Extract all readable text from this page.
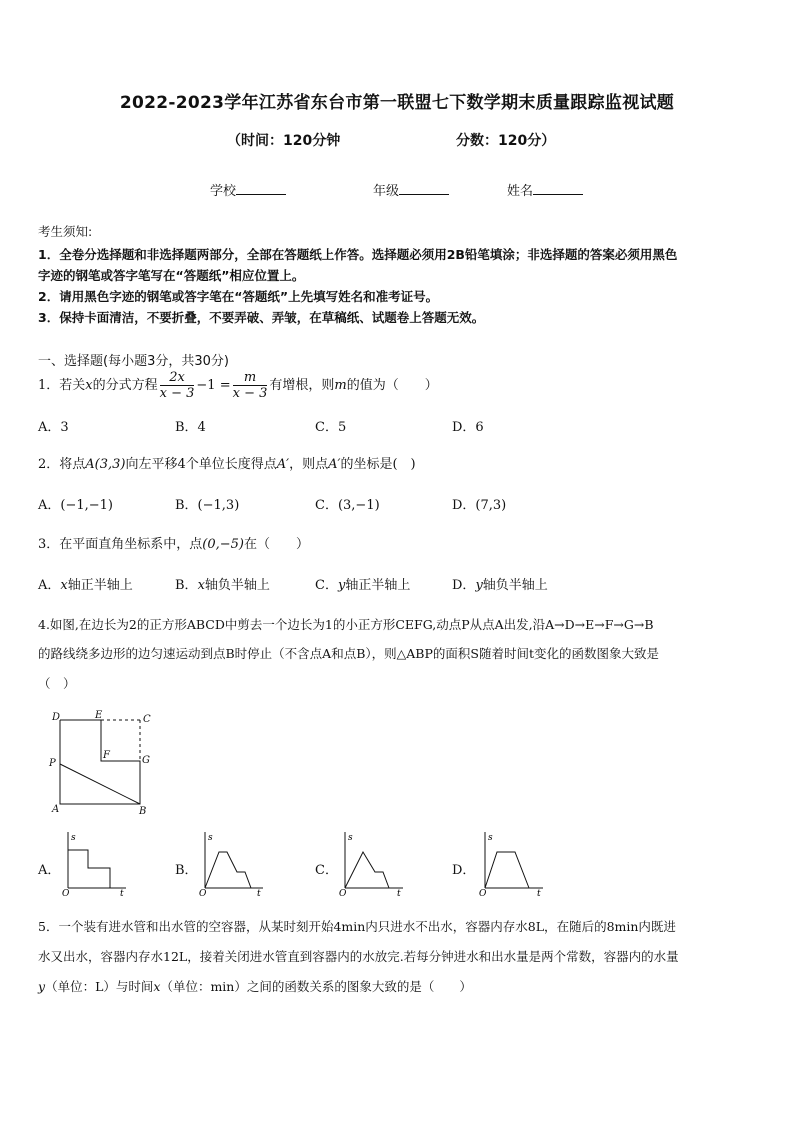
2022-2023学年江苏省东台市第一联盟七下数学期末质量跟踪监视试题
（时间：120分钟	分数：120分）
学校	年级	姓名
考生须知:
1．全卷分选择题和非选择题两部分，全部在答题纸上作答。选择题必须用2B铅笔填涂；非选择题的答案必须用黑色
字迹的钢笔或答字笔写在“答题纸”相应位置上。
2．请用黑色字迹的钢笔或答字笔在“答题纸”上先填写姓名和准考证号。
3．保持卡面清洁，不要折叠，不要弄破、弄皱，在草稿纸、试题卷上答题无效。
一、选择题(每小题3分，共30分)
1．若关x的分式方程 $\frac{2x}{x - 3} -1 = \frac{m}{x - 3}$ 有增根，则m的值为（　　）
A．3	B．4	C．5	D．6
2．将点A(3,3)向左平移4个单位长度得点A′，则点A′的坐标是(　)
A．(−1,−1)	B．(−1,3)	C．(3,−1)	D．(7,3)
3．在平面直角坐标系中，点(0,−5)在（　　）
A．x轴正半轴上	B．x轴负半轴上	C．y轴正半轴上	D．y轴负半轴上
4.如图,在边长为2的正方形ABCD中剪去一个边长为1的小正方形CEFG,动点P从点A出发,沿A→D→E→F→G→B
的路线绕多边形的边匀速运动到点B时停止（不含点A和点B），则△ABP的面积S随着时间t变化的函数图象大致是
（　）
D	E	C
P
F	G
A	B
A．	B．	C．	D．
s
t
O
s
t
O
s
t
O
s
t
O
5．一个装有进水管和出水管的空容器，从某时刻开始4min内只进水不出水，容器内存水8L，在随后的8min内既进
水又出水，容器内存水12L，接着关闭进水管直到容器内的水放完.若每分钟进水和出水量是两个常数，容器内的水量
y（单位：L）与时间x（单位：min）之间的函数关系的图象大致的是（　　）
